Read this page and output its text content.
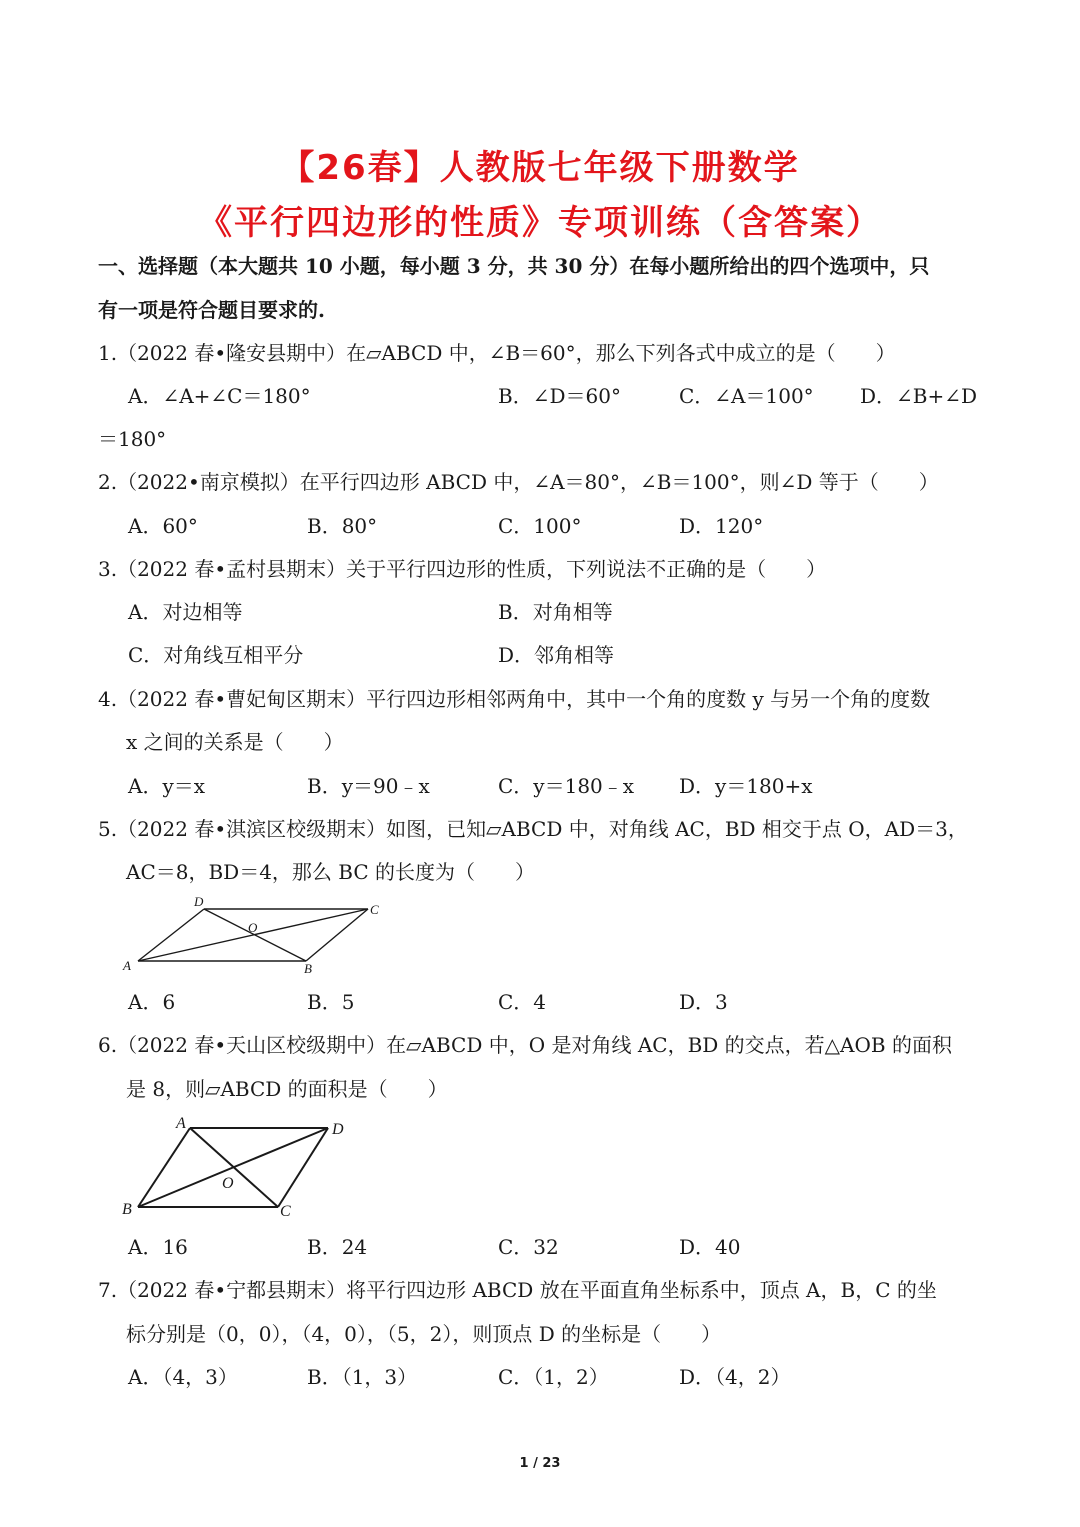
【26春】人教版七年级下册数学
《平行四边形的性质》专项训练（含答案）
一、选择题（本大题共 10 小题，每小题 3 分，共 30 分）在每小题所给出的四个选项中，只
有一项是符合题目要求的.
1.（2022 春•隆安县期中）在▱ABCD 中，∠B＝60°，那么下列各式中成立的是（　　）
A．∠A+∠C＝180°	B．∠D＝60°	C．∠A＝100° D．∠B+∠D
＝180°
2.（2022•南京模拟）在平行四边形 ABCD 中，∠A＝80°，∠B＝100°，则∠D 等于（　　）
A．60°	B．80°	C．100°	D．120°
3.（2022 春•孟村县期末）关于平行四边形的性质，下列说法不正确的是（　　）
A．对边相等	B．对角相等
C．对角线互相平分	D．邻角相等
4.（2022 春•曹妃甸区期末）平行四边形相邻两角中，其中一个角的度数 y 与另一个角的度数
x 之间的关系是（　　）
A．y＝x	B．y＝90﹣x	C．y＝180﹣x D．y＝180+x
5.（2022 春•淇滨区校级期末）如图，已知▱ABCD 中，对角线 AC，BD 相交于点 O，AD＝3，
AC＝8，BD＝4，那么 BC 的长度为（　　）
D
C
O
A	B
A．6	B．5	C．4	D．3
6.（2022 春•天山区校级期中）在▱ABCD 中，O 是对角线 AC，BD 的交点，若△AOB 的面积
是 8，则▱ABCD 的面积是（　　）
A	D
O
B	C
A．16	B．24	C．32	D．40
7.（2022 春•宁都县期末）将平行四边形 ABCD 放在平面直角坐标系中，顶点 A，B，C 的坐
标分别是（0，0），（4，0），（5，2），则顶点 D 的坐标是（　　）
A．（4，3）	B．（1，3）	C．（1，2）	D．（4，2）
1 / 23
